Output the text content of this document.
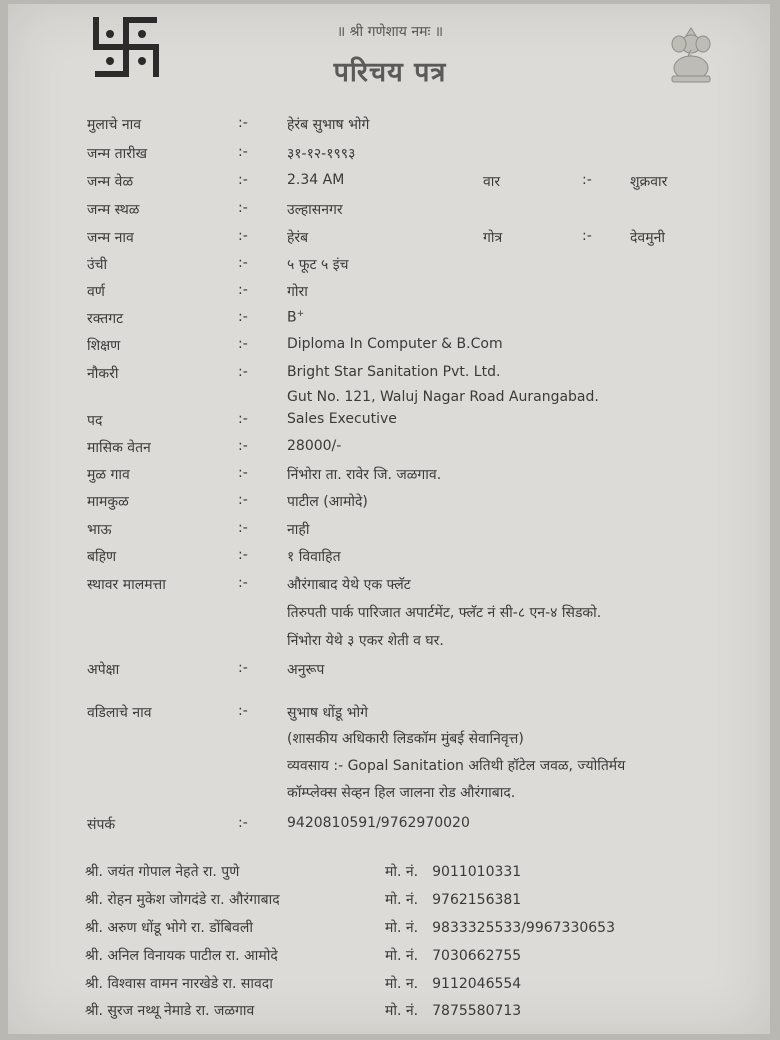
॥ श्री गणेशाय नमः ॥
परिचय पत्र
मुलाचे नाव	:-	हेरंब सुभाष भोगे
जन्म तारीख	:-	३१-१२-१९९३
जन्म वेळ	:-	2.34 AM	वार	:-	शुक्रवार
जन्म स्थळ	:-	उल्हासनगर
जन्म नाव	:-	हेरंब	गोत्र	:-	देवमुनी
उंची	:-	५ फूट ५ इंच
वर्ण	:-	गोरा
रक्तगट	:-	B+
शिक्षण	:-	Diploma In Computer & B.Com
नौकरी	:-	Bright Star Sanitation Pvt. Ltd.
Gut No. 121, Waluj Nagar Road Aurangabad.
पद	:-	Sales Executive
मासिक वेतन	:-	28000/-
मुळ गाव	:-	निंभोरा ता. रावेर जि. जळगाव.
मामकुळ	:-	पाटील (आमोदे)
भाऊ	:-	नाही
बहिण	:-	१ विवाहित
स्थावर मालमत्ता	:-	औरंगाबाद येथे एक फ्लॅट
तिरुपती पार्क पारिजात अपार्टमेंट, फ्लॅट नं सी-८ एन-४ सिडको.
निंभोरा येथे ३ एकर शेती व घर.
अपेक्षा	:-	अनुरूप
वडिलाचे नाव	:-	सुभाष धोंडू भोगे
(शासकीय अधिकारी लिडकॉम मुंबई सेवानिवृत्त)
व्यवसाय :- Gopal Sanitation अतिथी हॉटेल जवळ, ज्योतिर्मय
कॉम्प्लेक्स सेव्हन हिल जालना रोड औरंगाबाद.
संपर्क	:-	9420810591/9762970020
श्री. जयंत गोपाल नेहते रा. पुणे	मो. नं. 9011010331
श्री. रोहन मुकेश जोगदंडे रा. औरंगाबाद	मो. नं. 9762156381
श्री. अरुण धोंडू भोगे रा. डोंबिवली	मो. नं. 9833325533/9967330653
श्री. अनिल विनायक पाटील रा. आमोदे	मो. नं. 7030662755
श्री. विश्वास वामन नारखेडे रा. सावदा	मो. न. 9112046554
श्री. सुरज नथ्थू नेमाडे रा. जळगाव	मो. नं. 7875580713
